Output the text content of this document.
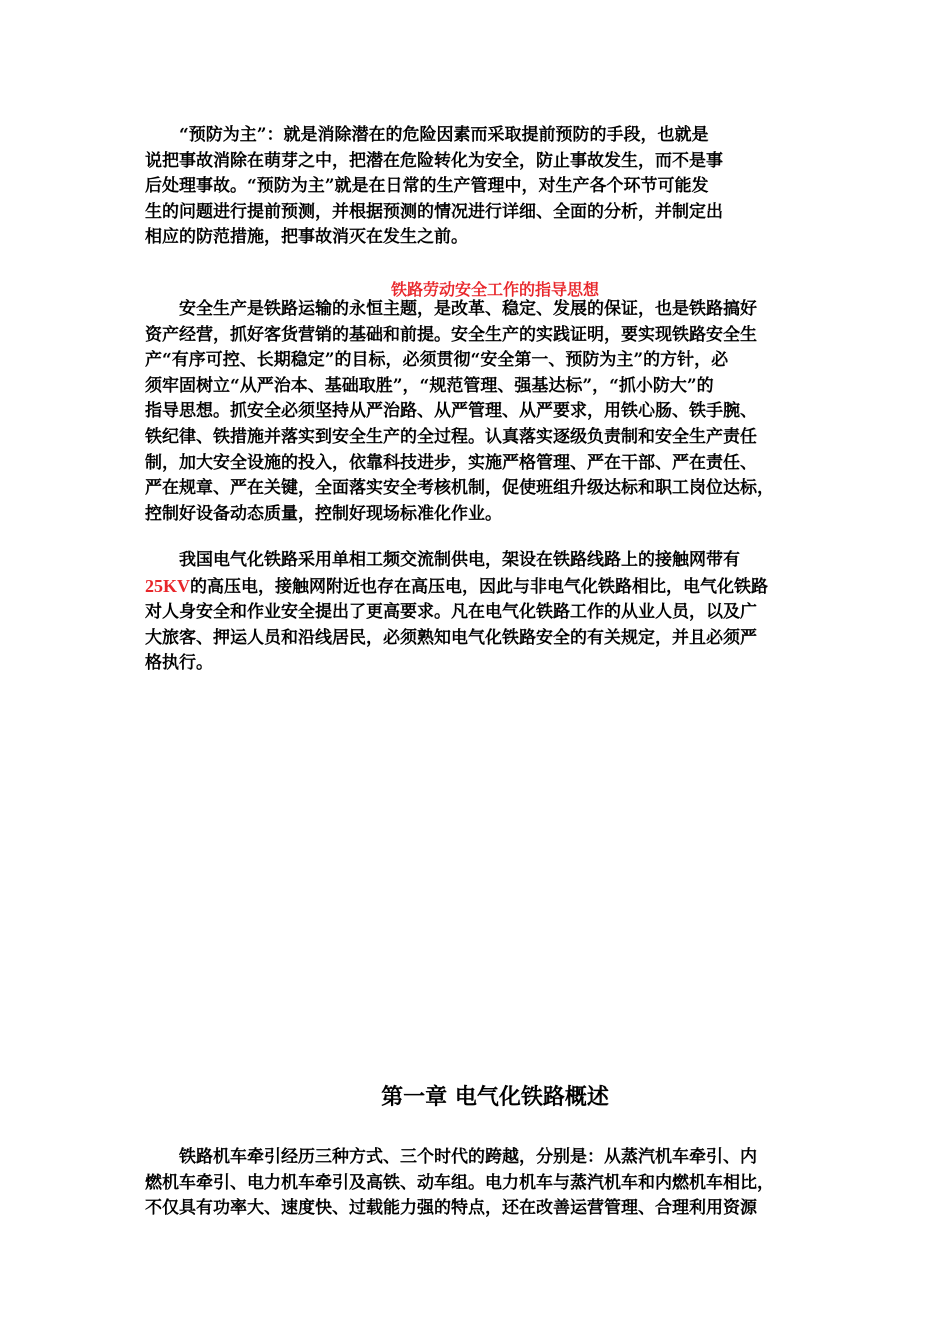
“预防为主”：就是消除潜在的危险因素而采取提前预防的手段，也就是
说把事故消除在萌芽之中，把潜在危险转化为安全，防止事故发生，而不是事
后处理事故。“预防为主”就是在日常的生产管理中，对生产各个环节可能发
生的问题进行提前预测，并根据预测的情况进行详细、全面的分析，并制定出
相应的防范措施，把事故消灭在发生之前。
铁路劳动安全工作的指导思想
安全生产是铁路运输的永恒主题，是改革、稳定、发展的保证，也是铁路搞好
资产经营，抓好客货营销的基础和前提。安全生产的实践证明，要实现铁路安全生
产“有序可控、长期稳定”的目标，必须贯彻“安全第一、预防为主”的方针，必
须牢固树立“从严治本、基础取胜”，“规范管理、强基达标”，“抓小防大”的
指导思想。抓安全必须坚持从严治路、从严管理、从严要求，用铁心肠、铁手腕、
铁纪律、铁措施并落实到安全生产的全过程。认真落实逐级负责制和安全生产责任
制，加大安全设施的投入，依靠科技进步，实施严格管理、严在干部、严在责任、
严在规章、严在关键，全面落实安全考核机制，促使班组升级达标和职工岗位达标，
控制好设备动态质量，控制好现场标准化作业。
我国电气化铁路采用单相工频交流制供电，架设在铁路线路上的接触网带有
25KV的高压电，接触网附近也存在高压电，因此与非电气化铁路相比，电气化铁路
对人身安全和作业安全提出了更高要求。凡在电气化铁路工作的从业人员，以及广
大旅客、押运人员和沿线居民，必须熟知电气化铁路安全的有关规定，并且必须严
格执行。
第一章 电气化铁路概述
铁路机车牵引经历三种方式、三个时代的跨越，分别是：从蒸汽机车牵引、内
燃机车牵引、电力机车牵引及高铁、动车组。电力机车与蒸汽机车和内燃机车相比，
不仅具有功率大、速度快、过载能力强的特点，还在改善运营管理、合理利用资源
